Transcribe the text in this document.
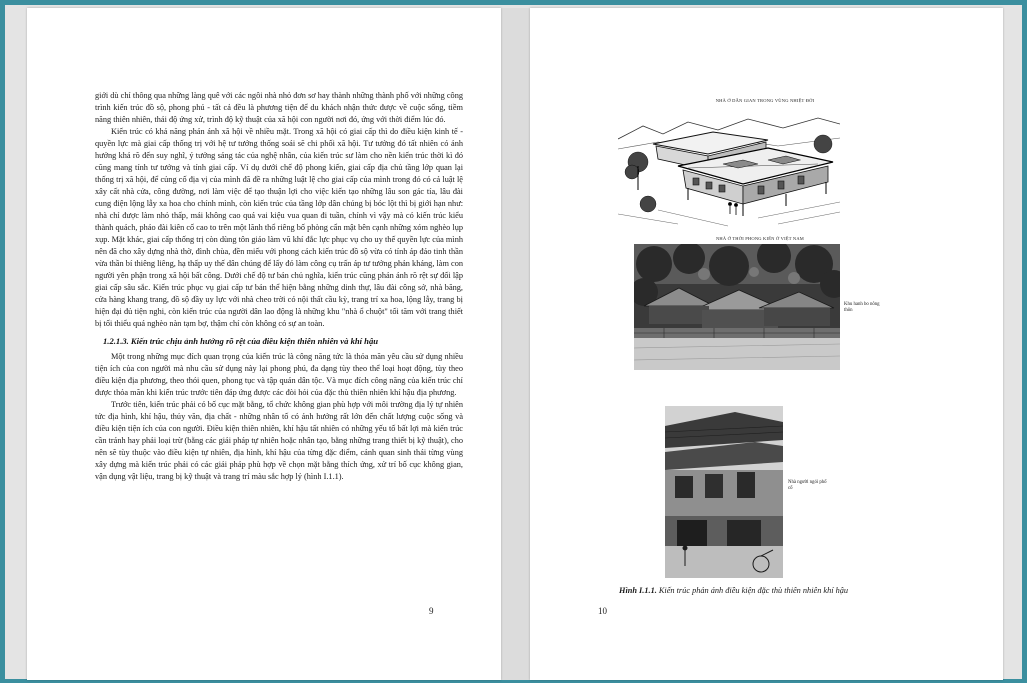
giới dù chỉ thông qua những làng quê với các ngôi nhà nhỏ đơn sơ hay thành những thành phố với những công trình kiến trúc đồ sộ, phong phú - tất cả đều là phương tiện để du khách nhận thức được về cuộc sống, tiềm năng thiên nhiên, thái độ ứng xử, trình độ kỹ thuật của xã hội con người nơi đó, ứng với thời điểm lúc đó.

Kiến trúc có khả năng phản ánh xã hội về nhiều mặt. Trong xã hội có giai cấp thì do điều kiện kinh tế - quyền lực mà giai cấp thống trị với hệ tư tưởng thống soái sẽ chi phối xã hội. Tư tưởng đó tất nhiên có ảnh hưởng khá rõ đến suy nghĩ, ý tưởng sáng tác của nghệ nhân, của kiến trúc sư làm cho nền kiến trúc thời kì đó cũng mang tính tư tưởng và tính giai cấp. Ví dụ dưới chế độ phong kiến, giai cấp địa chủ tầng lớp quan lại thống trị xã hội, để củng cố địa vị của mình đã đề ra những luật lệ cho giai cấp của mình trong đó có cả luật lệ xây cất nhà cửa, công đường, nơi làm việc để tạo thuận lợi cho việc kiến tạo những lâu son gác tía, lâu đài cung điện lộng lẫy xa hoa cho chính mình, còn kiến trúc của tầng lớp dân chúng bị bóc lột thì bị giới hạn như: nhà chỉ được làm nhỏ thấp, mái không cao quá vai kiệu vua quan đi tuần, chính vì vậy mà có kiến trúc kiểu thành quách, pháo đài kiên cố cao to trên một lãnh thổ riêng bố phòng cẩn mật bên cạnh những xóm nghèo lụp xụp. Mặt khác, giai cấp thống trị còn dùng tôn giáo làm vũ khí đắc lực phục vụ cho uy thế quyền lực của mình nên đã cho xây dựng nhà thờ, đình chùa, đền miếu với phong cách kiến trúc đồ sộ vừa có tính áp đảo tinh thần vừa thần bí thiêng liêng, hạ thấp uy thế dân chúng để lấy đó làm công cụ trấn áp tư tưởng phản kháng, làm con người yên phận trong xã hội bất công. Dưới chế độ tư bản chủ nghĩa, kiến trúc cũng phản ánh rõ rệt sự đối lập giai cấp sâu sắc. Kiến trúc phục vụ giai cấp tư bản thể hiện bằng những dinh thự, lâu đài công sở, nhà băng, cửa hàng khang trang, đồ sộ đầy uy lực với nhà cheo trời có nội thất cầu kỳ, trang trí xa hoa, lộng lẫy, trang bị hiện đại đủ tiện nghi, còn kiến trúc của người dân lao động là những khu "nhà ổ chuột" tối tăm với trang thiết bị tối thiểu quá nghèo nàn tạm bợ, thậm chí còn không có sự an toàn.

1.2.1.3. Kiến trúc chịu ảnh hưởng rõ rệt của điều kiện thiên nhiên và khí hậu

Một trong những mục đích quan trọng của kiến trúc là công năng tức là thỏa mãn yêu cầu sử dụng nhiều tiện ích của con người mà nhu cầu sử dụng này lại phong phú, đa dạng tùy theo thể loại hoạt động, tùy theo điều kiện địa phương, theo thói quen, phong tục và tập quán dân tộc. Và mục đích công năng của kiến trúc chỉ được thỏa mãn khi kiến trúc trước tiên đáp ứng được các đòi hỏi của đặc thù thiên nhiên khí hậu địa phương.

Trước tiên, kiến trúc phải có bố cục mặt bằng, tổ chức không gian phù hợp với môi trường địa lý tự nhiên tức địa hình, khí hậu, thủy văn, địa chất - những nhân tố có ảnh hưởng rất lớn đến chất lượng cuộc sống và điều kiện tiện ích của con người. Điều kiện thiên nhiên, khí hậu tất nhiên có những yếu tố bất lợi mà kiến trúc cần tránh hay phải loại trừ (bằng các giải pháp tự nhiên hoặc nhân tạo, bằng những trang thiết bị kỹ thuật), cho nên sẽ tùy thuộc vào điều kiện tự nhiên, địa hình, khí hậu của từng đặc điểm, cảnh quan sinh thái từng vùng xây dựng mà kiến trúc phải có các giải pháp phù hợp về chọn mặt bằng thích ứng, xử trí bố cục không gian, vận dụng vật liệu, trang bị kỹ thuật và trang trí màu sắc hợp lý (hình I.1.1).

9
NHÀ Ở DÂN GIAN TRONG VÙNG NHIỆT ĐỚI
NHÀ Ở THỜI PHONG KIẾN Ở VIỆT NAM
Khu hanh bo nông thôn
Nhà người ngói phố cổ
Hình I.1.1. Kiến trúc phản ánh điều kiện đặc thù thiên nhiên khí hậu
10
